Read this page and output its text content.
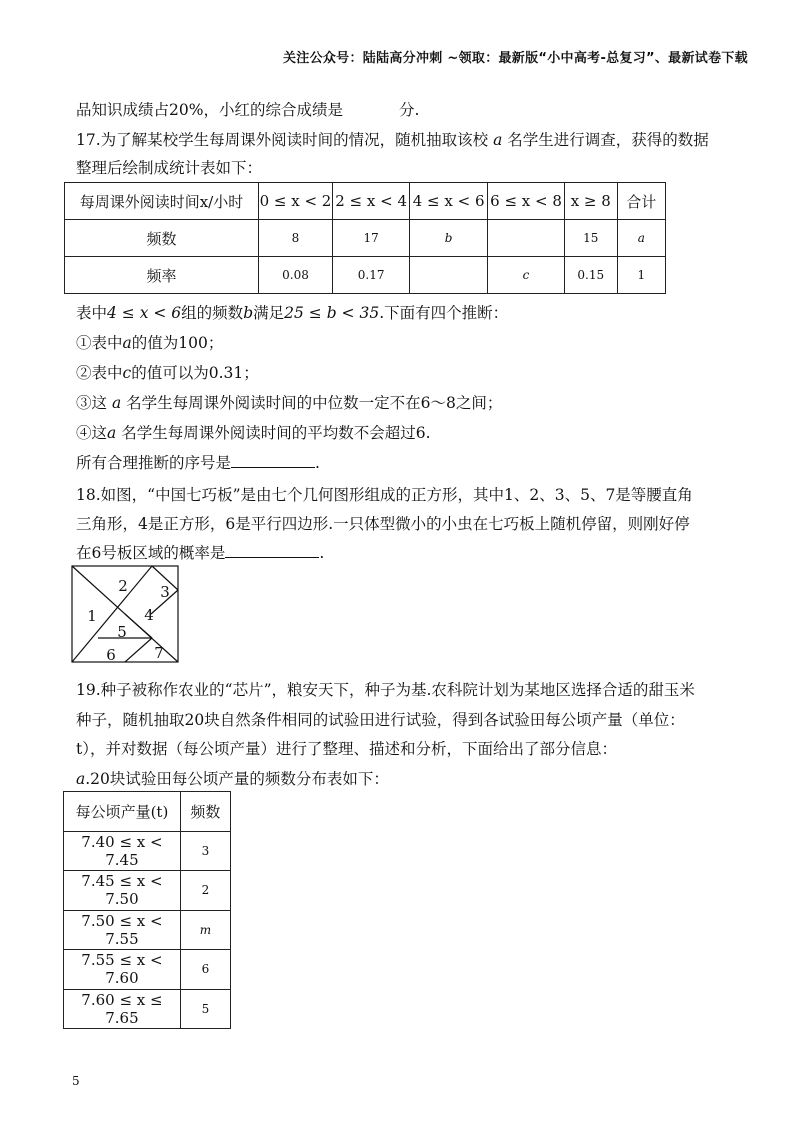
关注公众号：陆陆高分冲刺 ~领取：最新版“小中高考-总复习”、最新试卷下载
品知识成绩占20%，小红的综合成绩是	分.
17.为了解某校学生每周课外阅读时间的情况，随机抽取该校 a 名学生进行调查，获得的数据
整理后绘制成统计表如下：
每周课外阅读时间x/小时	0 ≤ x < 2	2 ≤ x < 4	4 ≤ x < 6	6 ≤ x < 8	x ≥ 8	合计
频数	8	17	b		15	a
频率	0.08	0.17		c	0.15	1
表中4 ≤ x < 6组的频数b满足25 ≤ b < 35.下面有四个推断：
①表中a的值为100；
②表中c的值可以为0.31；
③这 a 名学生每周课外阅读时间的中位数一定不在6～8之间；
④这a 名学生每周课外阅读时间的平均数不会超过6.
所有合理推断的序号是	.
18.如图，“中国七巧板”是由七个几何图形组成的正方形，其中1、2、3、5、7是等腰直角
三角形，4是正方形，6是平行四边形.一只体型微小的小虫在七巧板上随机停留，则刚好停
在6号板区域的概率是	.
2
1
3
4
5
6	7
19.种子被称作农业的“芯片”，粮安天下，种子为基.农科院计划为某地区选择合适的甜玉米
种子，随机抽取20块自然条件相同的试验田进行试验，得到各试验田每公顷产量（单位：
t），并对数据（每公顷产量）进行了整理、描述和分析，下面给出了部分信息：
a.20块试验田每公顷产量的频数分布表如下：
每公顷产量(t)	频数
7.40 ≤ x < 7.45	3
7.45 ≤ x < 7.50	2
7.50 ≤ x < 7.55	m
7.55 ≤ x < 7.60	6
7.60 ≤ x ≤ 7.65	5
5
